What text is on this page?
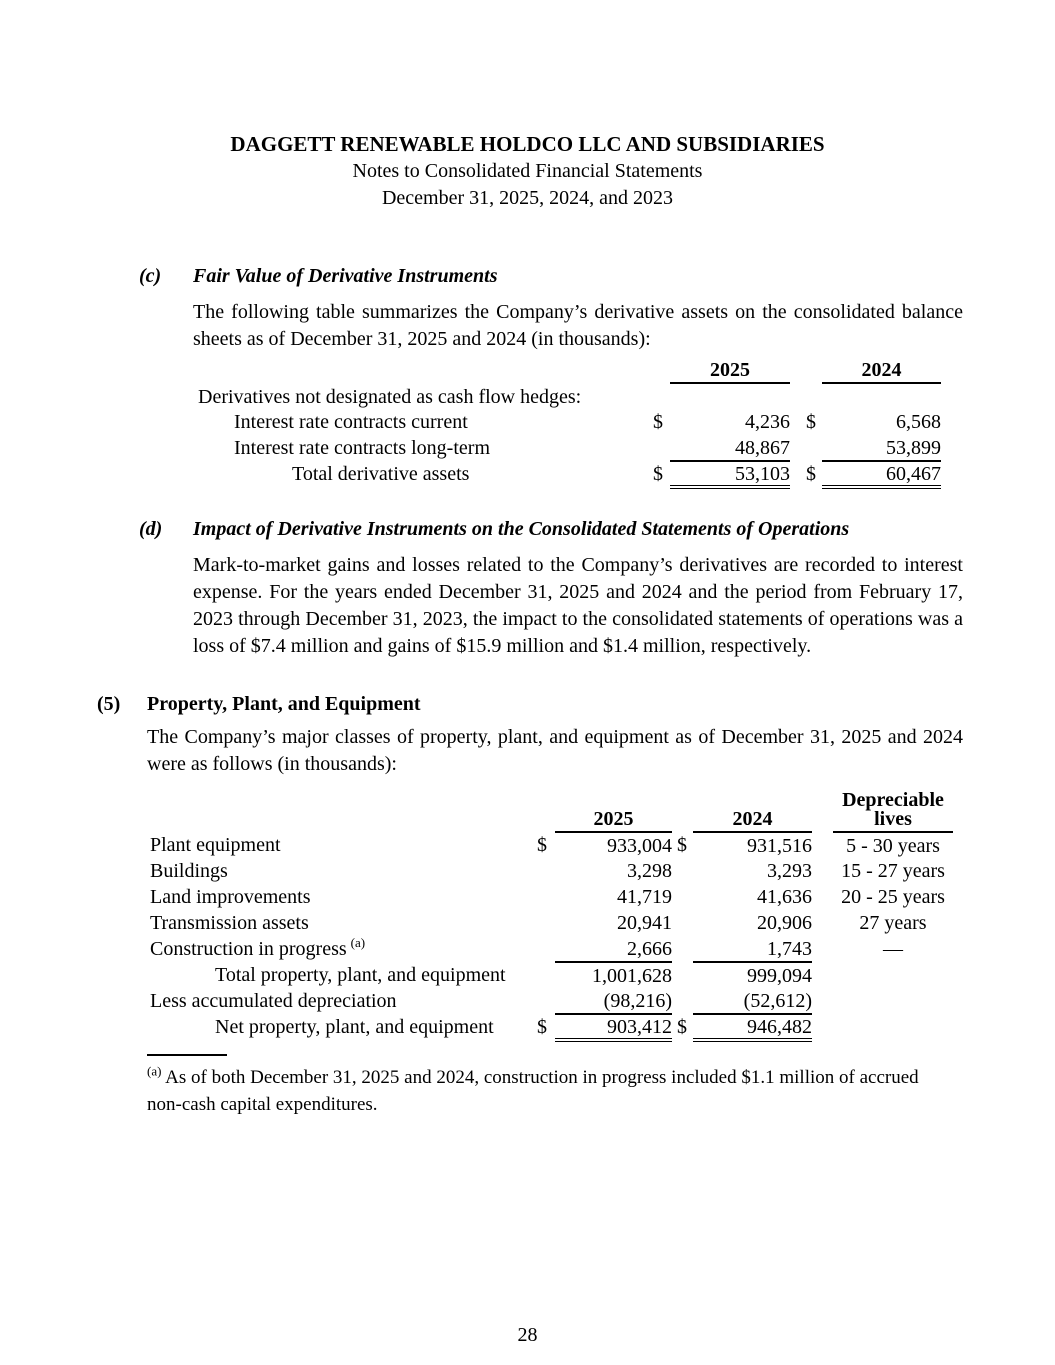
DAGGETT RENEWABLE HOLDCO LLC AND SUBSIDIARIES
Notes to Consolidated Financial Statements
December 31, 2025, 2024, and 2023
(c)	Fair Value of Derivative Instruments

The following table summarizes the Company’s derivative assets on the consolidated balance sheets as of December 31, 2025 and 2024 (in thousands):

		2025			2024
Derivatives not designated as cash flow hedges:					
Interest rate contracts current	$	4,236		$	6,568
Interest rate contracts long-term		48,867			53,899
Total derivative assets	$	53,103		$	60,467
(d)	Impact of Derivative Instruments on the Consolidated Statements of Operations

Mark-to-market gains and losses related to the Company’s derivatives are recorded to interest expense. For the years ended December 31, 2025 and 2024 and the period from February 17, 2023 through December 31, 2023, the impact to the consolidated statements of operations was a loss of $7.4 million and gains of $15.9 million and $1.4 million, respectively.

(5)	Property, Plant, and Equipment

The Company’s major classes of property, plant, and equipment as of December 31, 2025 and 2024 were as follows (in thousands):

		2025			2024		Depreciable lives
Plant equipment	$	933,004		$	931,516		5 - 30 years
Buildings		3,298			3,293		15 - 27 years
Land improvements		41,719			41,636		20 - 25 years
Transmission assets		20,941			20,906		27 years
Construction in progress $^{(a)}$		2,666			1,743		—
Total property, plant, and equipment		1,001,628			999,094		
Less accumulated depreciation		(98,216)			(52,612)		
Net property, plant, and equipment	$	903,412		$	946,482		

$^{(a)}$ As of both December 31, 2025 and 2024, construction in progress included $1.1 million of accrued non-cash capital expenditures.

28
